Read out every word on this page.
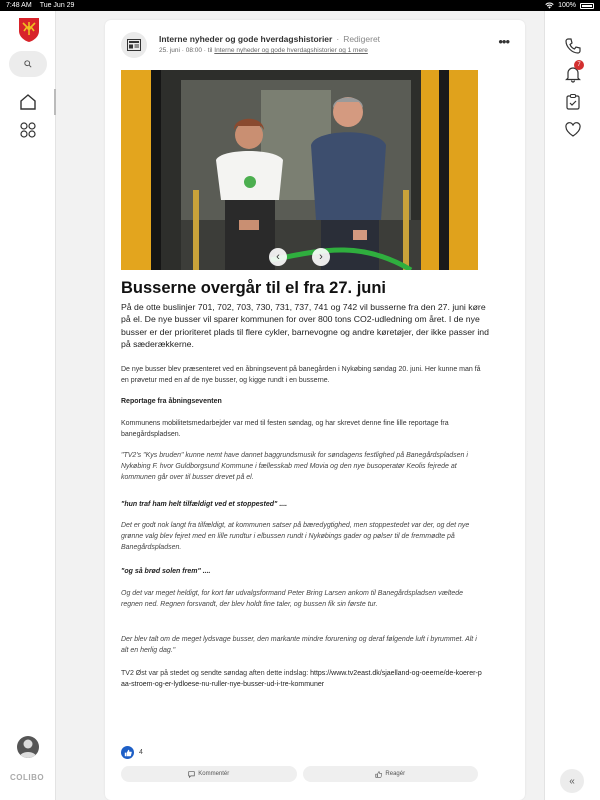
7:48 AM Tue Jun 29	100%
COLIBO
7
«
Interne nyheder og gode hverdagshistorier · Redigeret
25. juni · 08:00 · til Interne nyheder og gode hverdagshistorier og 1 mere
•••
‹	›
Busserne overgår til el fra 27. juni
På de otte buslinjer 701, 702, 703, 730, 731, 737, 741 og 742 vil busserne fra den 27. juni køre på el. De nye busser vil sparer kommunen for over 800 tons CO2-udledning om året. I de nye busser er der prioriteret plads til flere cykler, barnevogne og andre køretøjer, der ikke passer ind på sæderækkerne.
De nye busser blev præsenteret ved en åbningsevent på banegården i Nykøbing søndag 20. juni. Her kunne man få en prøvetur med en af de nye busser, og kigge rundt i en busserne.
Reportage fra åbningseventen
Kommunens mobilitetsmedarbejder var med til festen søndag, og har skrevet denne fine lille reportage fra banegårdspladsen.
"TV2's "Kys bruden" kunne nemt have dannet baggrundsmusik for søndagens festlighed på Banegårdspladsen i Nykøbing F. hvor Guldborgsund Kommune i fællesskab med Movia og den nye busoperatør Keolis fejrede at kommunen går over til busser drevet på el.
"hun traf ham helt tilfældigt ved et stoppested" ....
Det er godt nok langt fra tilfældigt, at kommunen satser på bæredygtighed, men stoppestedet var der, og det nye grønne valg blev fejret med en lille rundtur i elbussen rundt i Nykøbings gader og pølser til de fremmødte på Banegårdspladsen.
"og så brød solen frem" ....
Og det var meget heldigt, for kort før udvalgsformand Peter Bring Larsen ankom til Banegårdspladsen væltede regnen ned. Regnen forsvandt, der blev holdt fine taler, og bussen fik sin første tur.
Der blev talt om de meget lydsvage busser, den markante mindre forurening og deraf følgende luft i byrummet. Alt i alt en herlig dag."
TV2 Øst var på stedet og sendte søndag aften dette indslag: https://www.tv2east.dk/sjaelland-og-oeerne/de-koerer-paa-stroem-og-er-lydloese-nu-ruller-nye-busser-ud-i-tre-kommuner
4
Kommentér	Reagér
